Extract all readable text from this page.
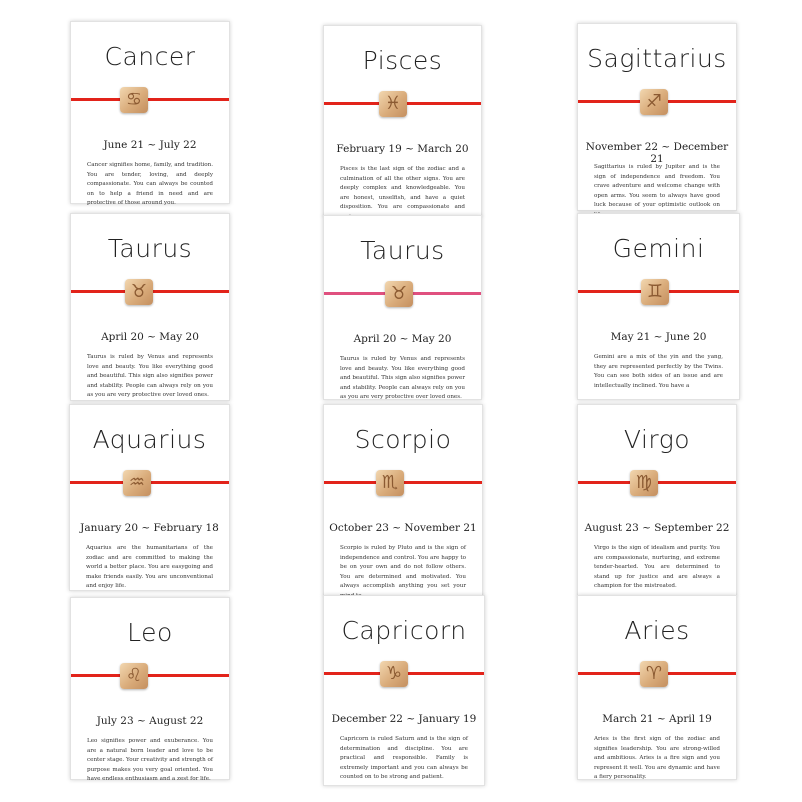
Cancer
♋
June 21 ~ July 22
Cancer signifies home, family, and tradition. You are tender, loving, and deeply compassionate. You can always be counted on to help a friend in need and are protective of those around you.
Pisces
♓
February 19 ~ March 20
Pisces is the last sign of the zodiac and a culmination of all the other signs. You are deeply complex and knowledgeable. You are honest, unselfish, and have a quiet disposition. You are compassionate and
Sagittarius
♐
November 22 ~ December 21
Sagittarius is ruled by Jupiter and is the sign of independence and freedom. You crave adventure and welcome change with open arms. You seem to always have good luck because of your optimistic outlook on
Taurus
♉
April 20 ~ May 20
Taurus is ruled by Venus and represents love and beauty. You like everything good and beautiful. This sign also signifies power and stability. People can always rely on you as you are very protective over loved ones.
Taurus
♉
April 20 ~ May 20
Taurus is ruled by Venus and represents love and beauty. You like everything good and beautiful. This sign also signifies power and stability. People can always rely on you as you are very protective over loved ones.
Gemini
♊
May 21 ~ June 20
Gemini are a mix of the yin and the yang, they are represented perfectly by the Twins. You can see both sides of an issue and are intellectually inclined. You have a
Aquarius
♒
January 20 ~ February 18
Aquarius are the humanitarians of the zodiac and are committed to making the world a better place. You are easygoing and make friends easily. You are unconventional and enjoy life.
Scorpio
♏
October 23 ~ November 21
Scorpio is ruled by Pluto and is the sign of independence and control. You are happy to be on your own and do not follow others. You are determined and motivated. You always accomplish anything you set your
Virgo
♍
August 23 ~ September 22
Virgo is the sign of idealism and purity. You are compassionate, nurturing, and extreme tender-hearted. You are determined to stand up for justice and are always a champion for the mistreated.
Leo
♌
July 23 ~ August 22
Leo signifies power and exuberance. You are a natural born leader and love to be center stage. Your creativity and strength of purpose makes you very goal oriented. You have endless enthusiasm and a zest for life.
Capricorn
♑
December 22 ~ January 19
Capricorn is ruled Saturn and is the sign of determination and discipline. You are practical and responsible. Family is extremely important and you can always be counted on to be strong and patient.
Aries
♈
March 21 ~ April 19
Aries is the first sign of the zodiac and signifies leadership. You are strong-willed and ambitious. Aries is a fire sign and you represent it well. You are dynamic and have a fiery personality.
